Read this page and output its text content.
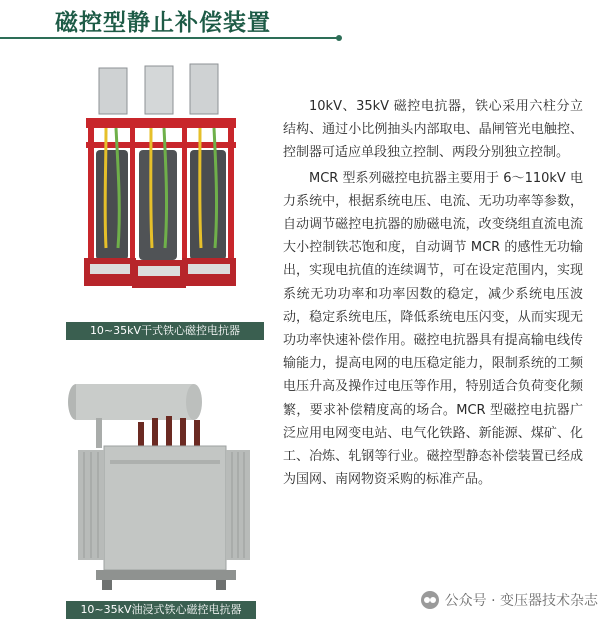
磁控型静止补偿装置
10~35kV干式铁心磁控电抗器
10~35kV油浸式铁心磁控电抗器

10kV、35kV 磁控电抗器，铁心采用六柱分立结构、通过小比例抽头内部取电、晶闸管光电触控、控制器可适应单段独立控制、两段分别独立控制。

MCR 型系列磁控电抗器主要用于 6～110kV 电力系统中，根据系统电压、电流、无功功率等参数，自动调节磁控电抗器的励磁电流，改变绕组直流电流大小控制铁芯饱和度，自动调节 MCR 的感性无功输出，实现电抗值的连续调节，可在设定范围内，实现系统无功功率和功率因数的稳定，减少系统电压波动，稳定系统电压，降低系统电压闪变，从而实现无功功率快速补偿作用。磁控电抗器具有提高输电线传输能力，提高电网的电压稳定能力，限制系统的工频电压升高及操作过电压等作用，特别适合负荷变化频繁，要求补偿精度高的场合。MCR 型磁控电抗器广泛应用电网变电站、电气化铁路、新能源、煤矿、化工、冶炼、轧钢等行业。磁控型静态补偿装置已经成为国网、南网物资采购的标准产品。

公众号 · 变压器技术杂志
